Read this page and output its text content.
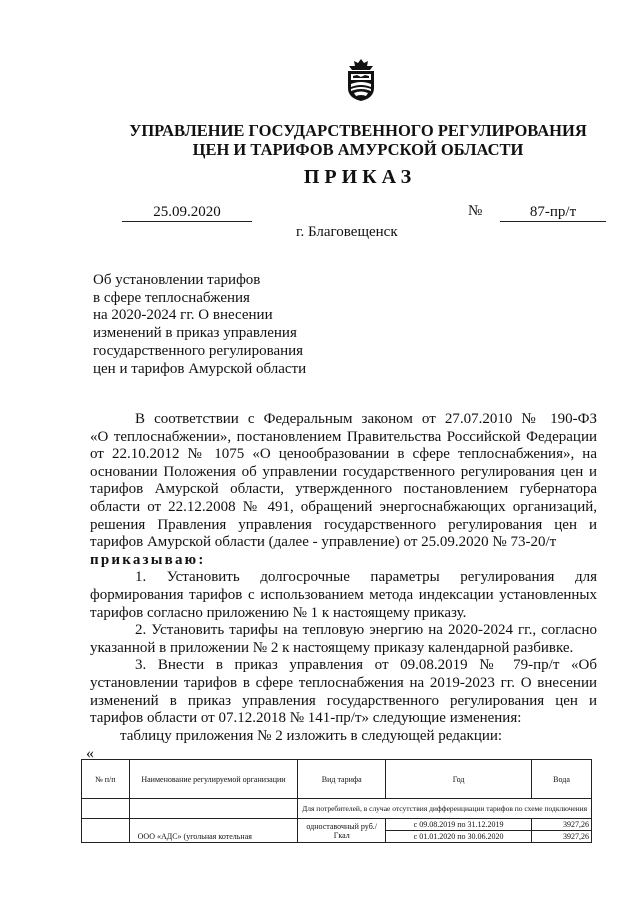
УПРАВЛЕНИЕ ГОСУДАРСТВЕННОГО РЕГУЛИРОВАНИЯ
ЦЕН И ТАРИФОВ АМУРСКОЙ ОБЛАСТИ
ПРИКАЗ
25.09.2020	№	87-пр/т
г. Благовещенск
Об установлении тарифов
в сфере теплоснабжения
на 2020-2024 гг. О внесении
изменений в приказ управления
государственного регулирования
цен и тарифов Амурской области
В соответствии с Федеральным законом от 27.07.2010 № 190-ФЗ
«О теплоснабжении», постановлением Правительства Российской Федерации
от 22.10.2012 № 1075 «О ценообразовании в сфере теплоснабжения», на
основании Положения об управлении государственного регулирования цен и
тарифов Амурской области, утвержденного постановлением губернатора
области от 22.12.2008 № 491, обращений энергоснабжающих организаций,
решения Правления управления государственного регулирования цен и
тарифов Амурской области (далее - управление) от 25.09.2020 № 73-20/т
приказываю:
1. Установить долгосрочные параметры регулирования для
формирования тарифов с использованием метода индексации установленных
тарифов согласно приложению № 1 к настоящему приказу.
2. Установить тарифы на тепловую энергию на 2020-2024 гг., согласно
указанной в приложении № 2 к настоящему приказу календарной разбивке.
3. Внести в приказ управления от 09.08.2019 № 79-пр/т «Об
установлении тарифов в сфере теплоснабжения на 2019-2023 гг. О внесении
изменений в приказ управления государственного регулирования цен и
тарифов области от 07.12.2018 № 141-пр/т» следующие изменения:
таблицу приложения № 2 изложить в следующей редакции:
«
№ п/п	Наименование регулируемой организации	Вид тарифа	Год	Вода
		Для потребителей, в случае отсутствия дифференциации тарифов по схеме подключения		
	ООО «АДС» (угольная котельная	одноставочный руб./Гкал	с 09.08.2019 по 31.12.2019	3927,26
			с 01.01.2020 по 30.06.2020	3927,26
